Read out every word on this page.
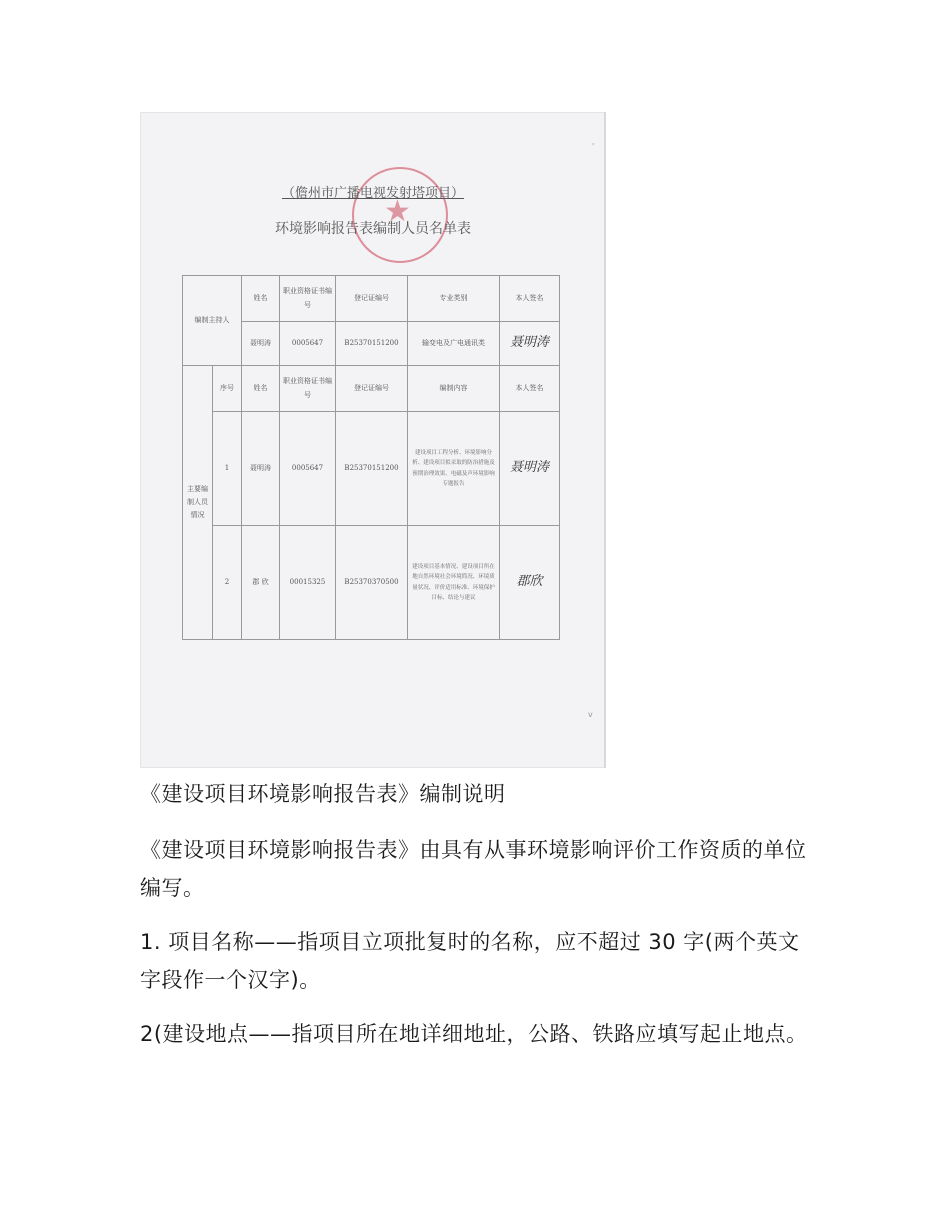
★
（儋州市广播电视发射塔项目）
环境影响报告表编制人员名单表
'
v
编制主持人		姓名	职业资格证书编号	登记证编号	专业类别	本人签名
		聂明涛	0005647	B25370151200	输变电及广电通讯类	聂明涛
主要编制人员情况	序号	姓名	职业资格证书编号	登记证编号	编制内容	本人签名
	1	聂明涛	0005647	B25370151200	建设项目工程分析、环境影响分析、建设项目拟采取的防治措施及预期治理效果、电磁及声环境影响专题报告	聂明涛
	2	郡 欣	00015325	B25370370500	建设项目基本情况、建设项目所在地自然环境社会环境简况、环境质量状况、评价适用标准、环境保护目标、结论与建议	郡欣
《建设项目环境影响报告表》编制说明
《建设项目环境影响报告表》由具有从事环境影响评价工作资质的单位编写。
1. 项目名称——指项目立项批复时的名称，应不超过 30 字(两个英文字段作一个汉字)。
2(建设地点——指项目所在地详细地址，公路、铁路应填写起止地点。
